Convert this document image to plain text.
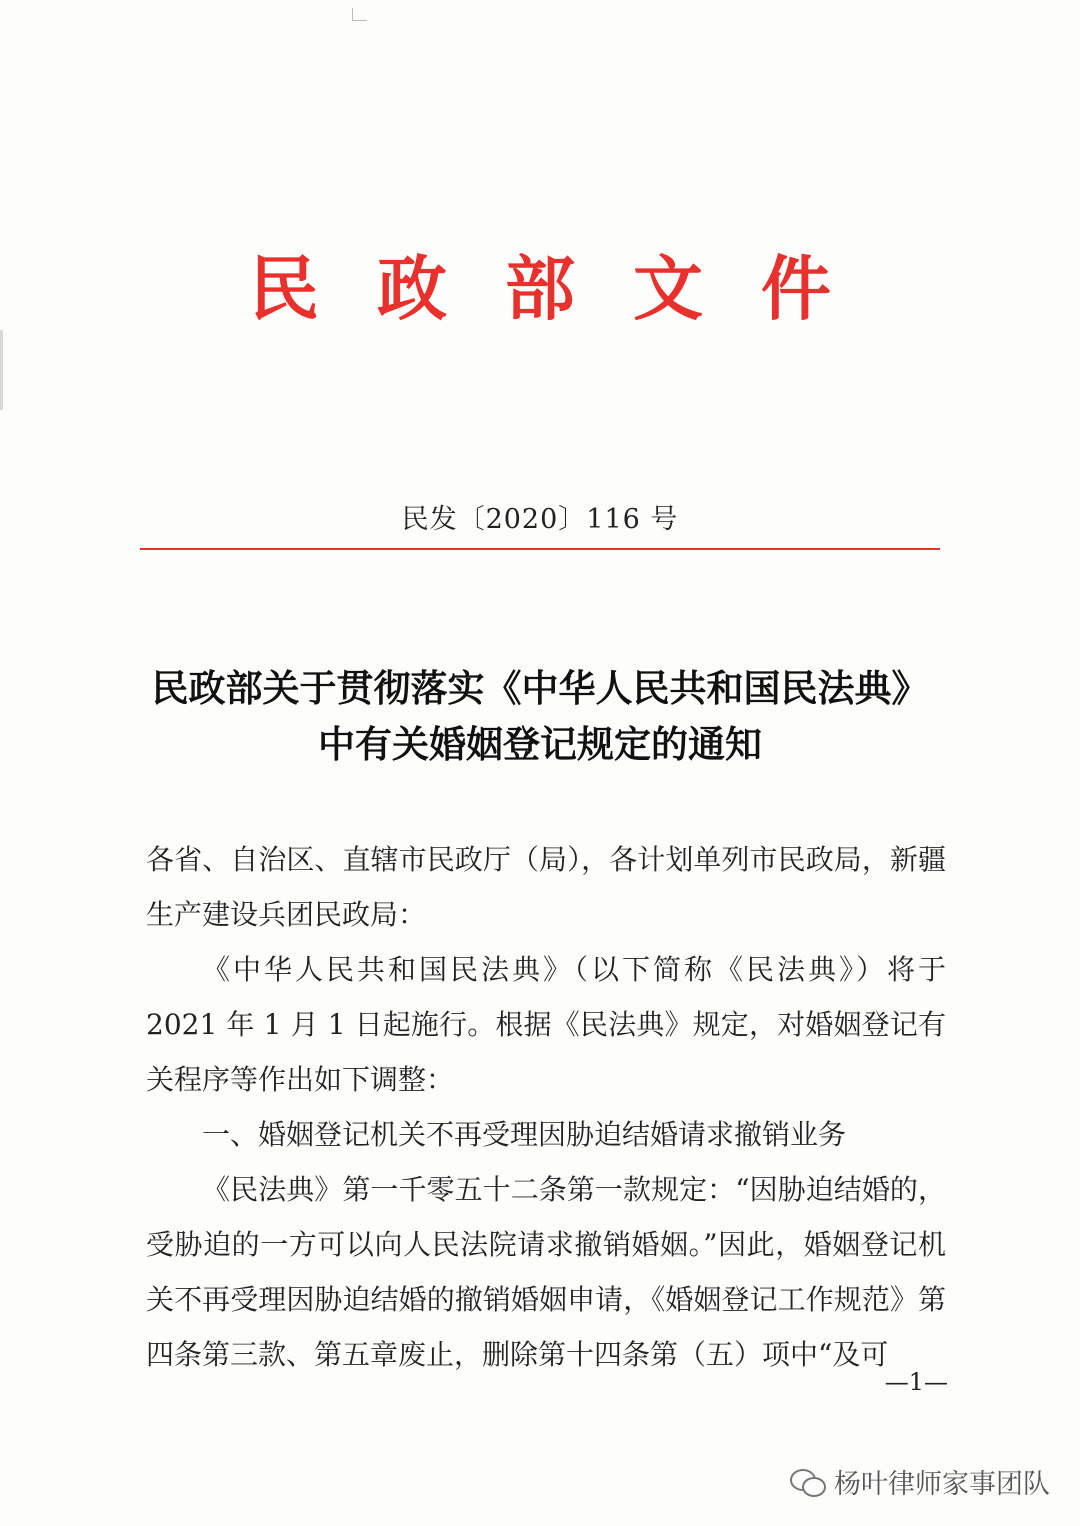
民政部文件
民发〔2020〕116 号
民政部关于贯彻落实《中华人民共和国民法典》
中有关婚姻登记规定的通知

各省、自治区、直辖市民政厅（局），各计划单列市民政局，新疆生产建设兵团民政局：

《中华人民共和国民法典》（以下简称《民法典》）将于 2021 年 1 月 1 日起施行。根据《民法典》规定，对婚姻登记有关程序等作出如下调整：

一、婚姻登记机关不再受理因胁迫结婚请求撤销业务

《民法典》第一千零五十二条第一款规定：“因胁迫结婚的，受胁迫的一方可以向人民法院请求撤销婚姻。”因此，婚姻登记机关不再受理因胁迫结婚的撤销婚姻申请，《婚姻登记工作规范》第四条第三款、第五章废止，删除第十四条第（五）项中“及可

—1—
杨叶律师家事团队
